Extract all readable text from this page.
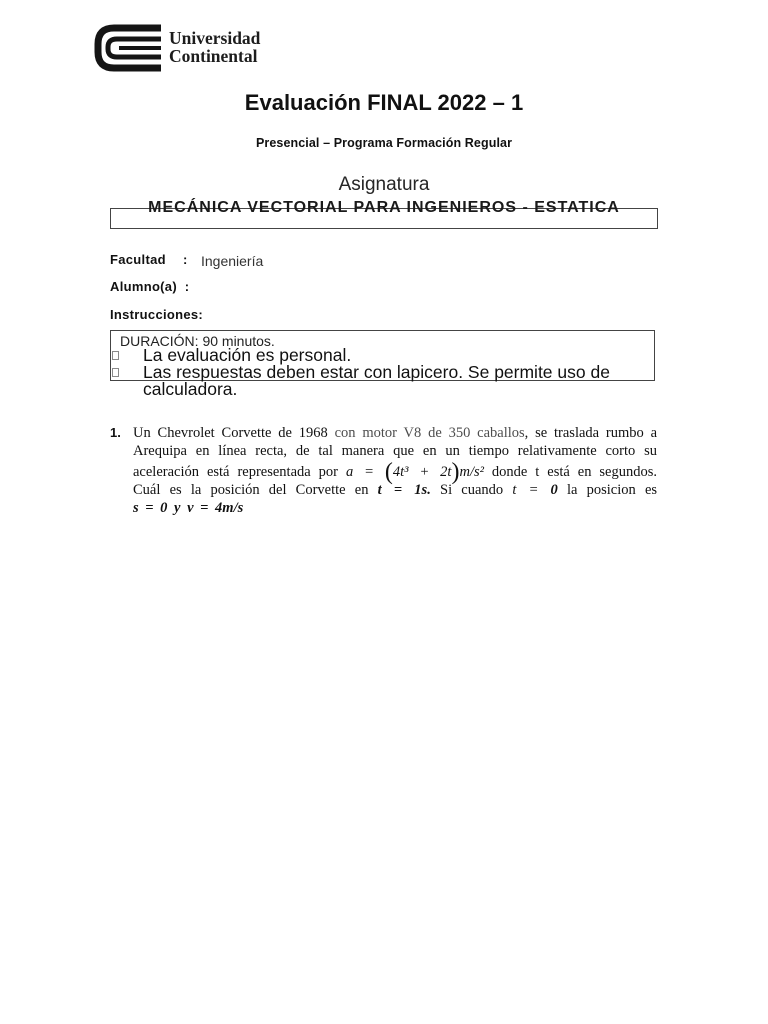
Universidad
Continental
Evaluación FINAL 2022 – 1
Presencial – Programa Formación Regular
Asignatura
MECÁNICA VECTORIAL PARA INGENIEROS - ESTATICA
Facultad : Ingeniería
Alumno(a)  :
Instrucciones:
DURACIÓN: 90 minutos.
La evaluación es personal.
Las respuestas deben estar con lapicero. Se permite uso de calculadora.
1. Un Chevrolet Corvette de 1968 con motor V8 de 350 caballos, se traslada rumbo a
Arequipa en línea recta, de tal manera que en un tiempo relativamente corto su
aceleración está representada por a = (4t³ + 2t)m/s² donde t está en segundos.
Cuál es la posición del Corvette en t = 1s. Si cuando t = 0 la posicion es
s = 0 y v = 4m/s
